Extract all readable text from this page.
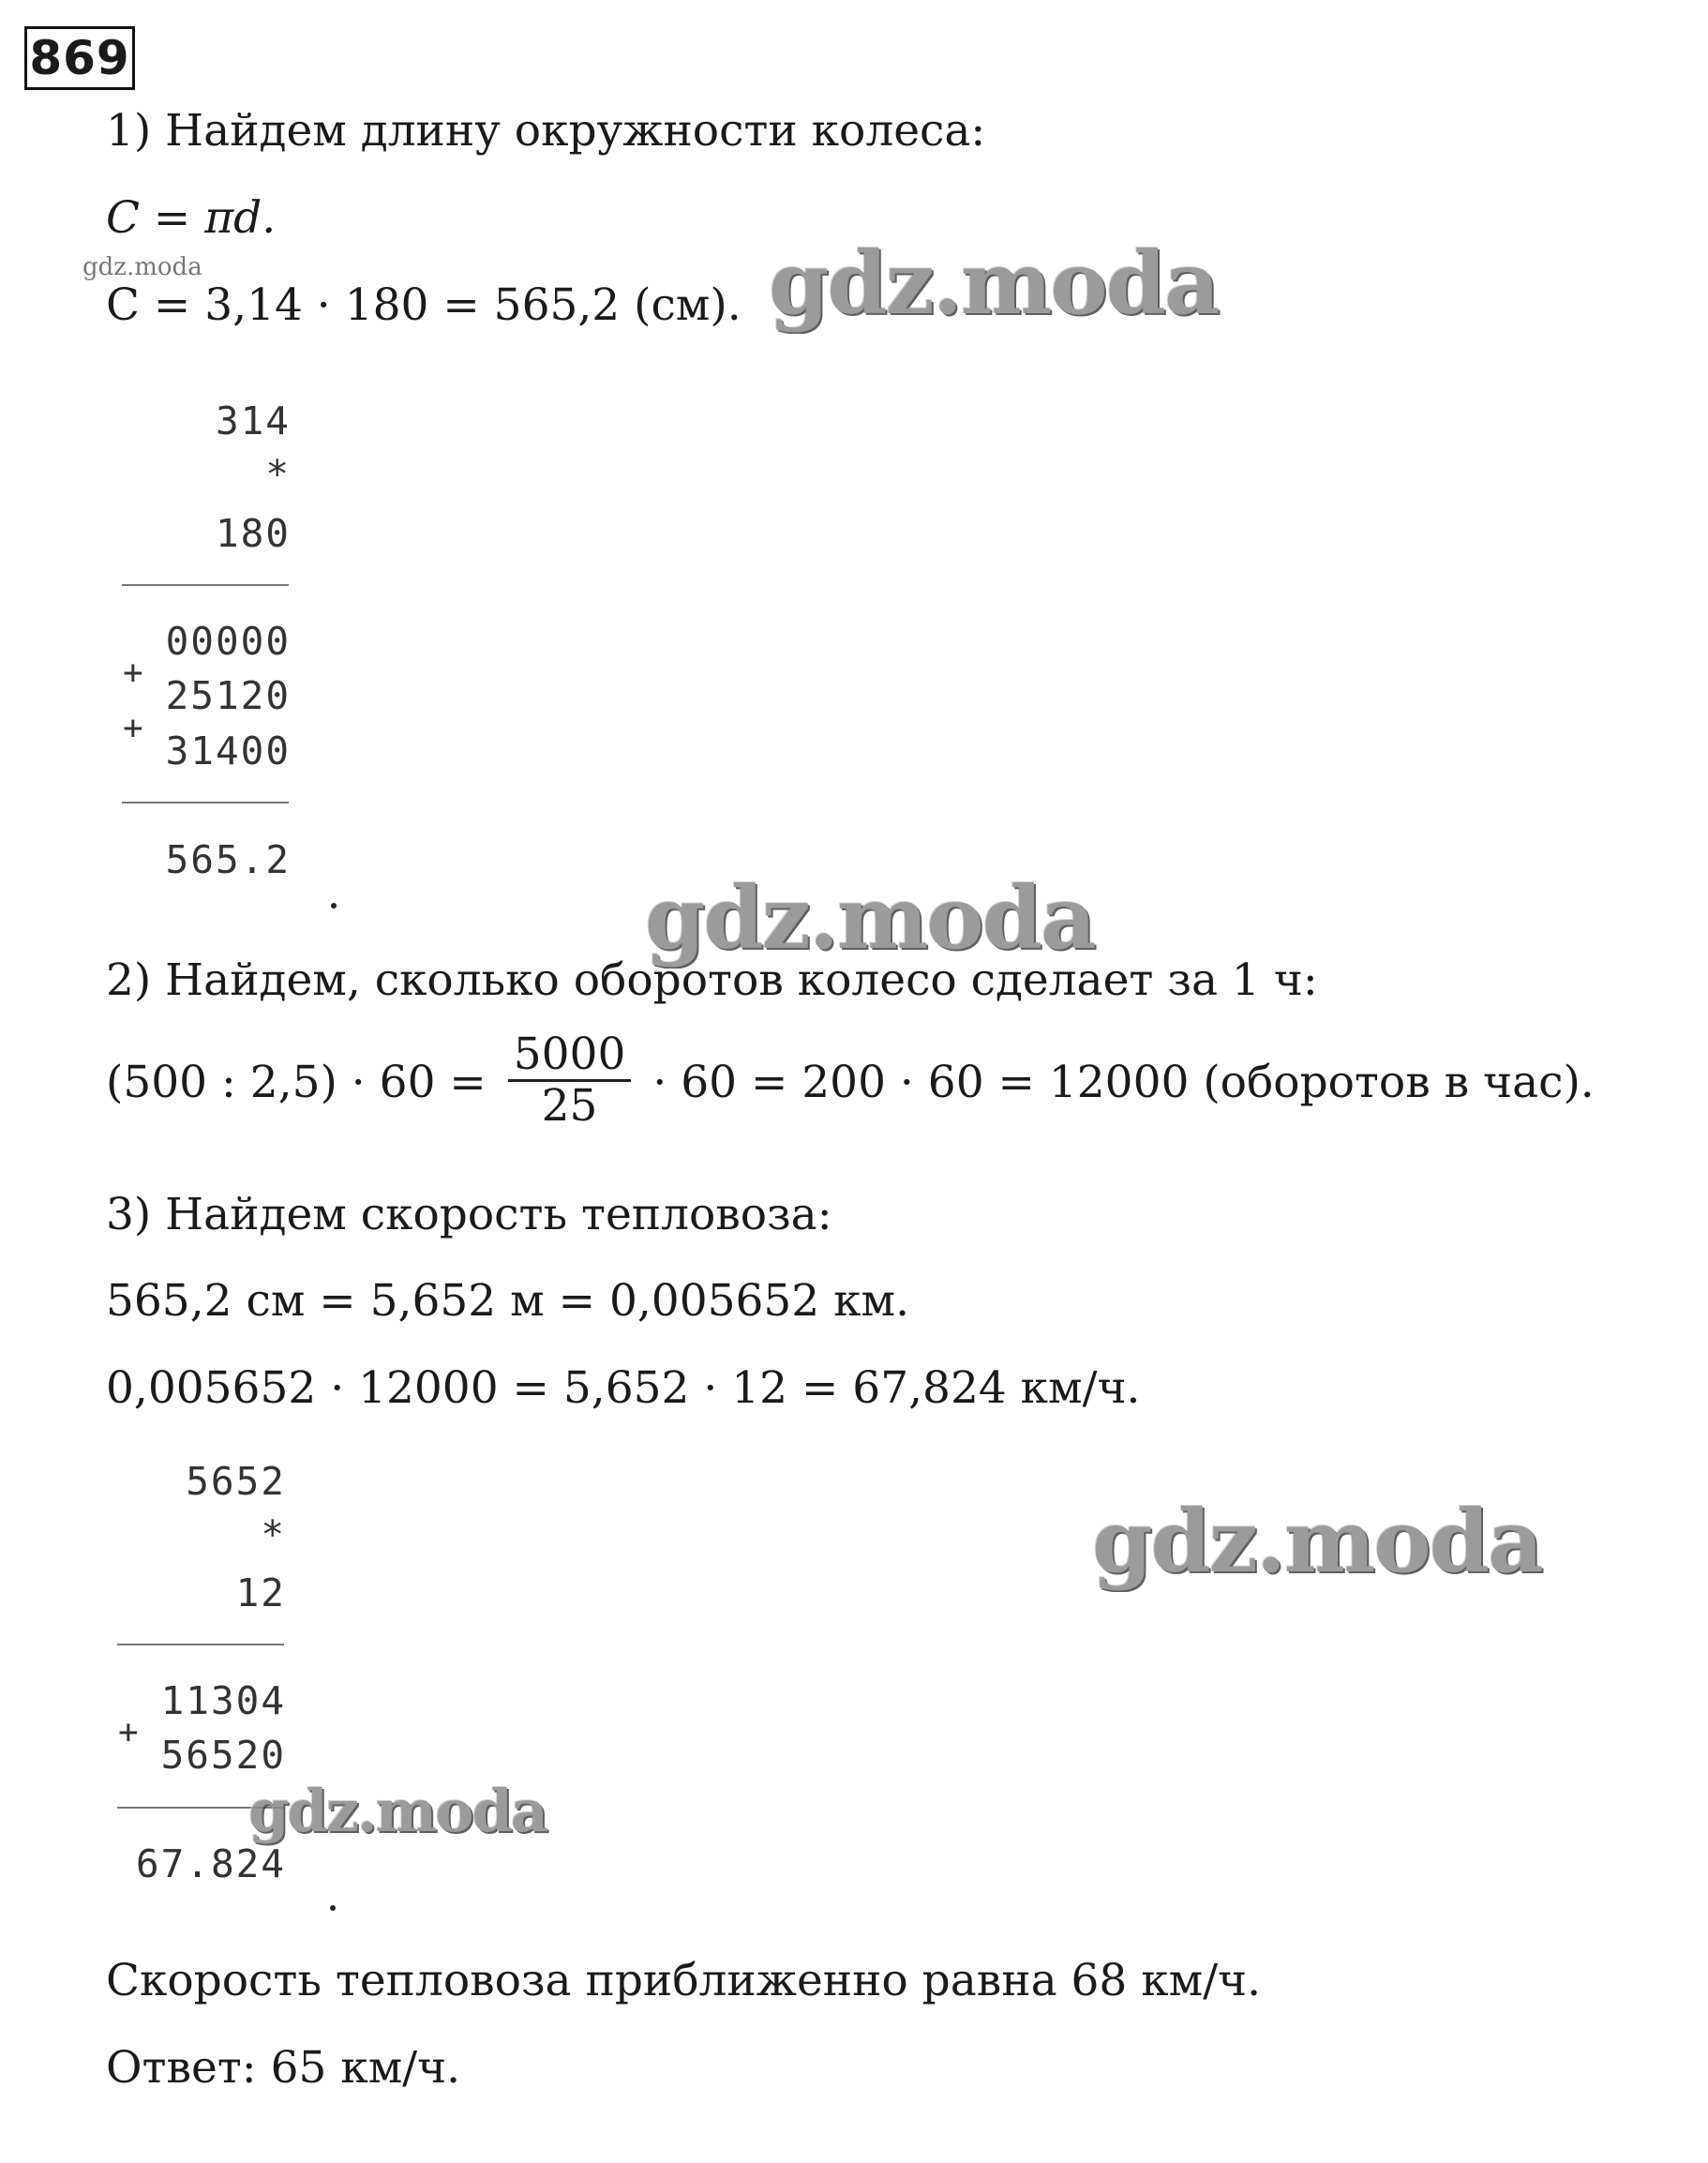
869
1) Найдем длину окружности колеса:
C = πd.
C = 3,14 · 180 = 565,2 (см).
314
*
180
00000
+
25120
+
31400
565.2
2) Найдем, сколько оборотов колесо сделает за 1 ч:
(500 : $2,5) \cdot 60 = \frac{5000}{25} \cdot 60 = 200 \cdot 60 = 12000$ (оборотов в час).
3) Найдем скорость тепловоза:
565,2 см = 5,652 м = 0,005652 км.
0,005652 · 12000 = 5,652 · 12 = 67,824 км/ч.
5652
*
12
11304
+
56520
67.824
Скорость тепловоза приближенно равна 68 км/ч.
Ответ: 65 км/ч.
gdz.moda	gdz.moda
gdz.moda
gdz.moda
gdz.moda
